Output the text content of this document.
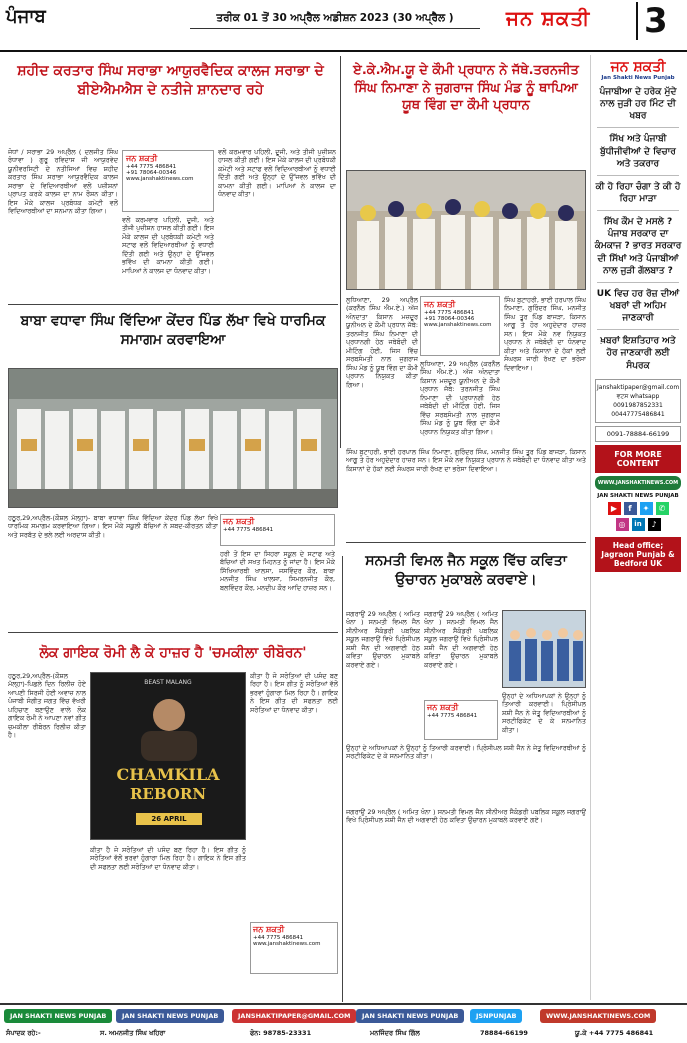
ਪੰਜਾਬ	ਤਰੀਕ 01 ਤੋਂ 30 ਅਪ੍ਰੈਲ ਅਡੀਸ਼ਨ 2023 (30 ਅਪ੍ਰੈਲ )	ਜਨ ਸ਼ਕਤੀ 3
ਸ਼ਹੀਦ ਕਰਤਾਰ ਸਿੰਘ ਸਰਾਭਾ ਆਯੁਰਵੈਦਿਕ ਕਾਲਜ ਸਰਾਭਾ ਦੇ ਬੀਏਐਮਐਸ ਦੇ ਨਤੀਜੇ ਸ਼ਾਨਦਾਰ ਰਹੇ
ਜੋਧਾਂ / ਸਰਾਭਾ 29 ਅਪ੍ਰੈਲ ( ਦਲਜੀਤ ਸਿੰਘ ਰੰਧਾਵਾ ) ਗੁਰੂ ਰਵਿਦਾਸ ਜੀ ਆਯੁਰਵੇਦ ਯੂਨੀਵਰਸਿਟੀ ਦੇ ਨਤੀਜਿਆਂ ਵਿਚ ਸ਼ਹੀਦ ਕਰਤਾਰ ਸਿੰਘ ਸਰਾਭਾ ਆਯੁਰਵੈਦਿਕ ਕਾਲਜ ਸਰਾਭਾ ਦੇ ਵਿਦਿਆਰਥੀਆਂ ਵਲੋਂ ਪਜ਼ੀਸ਼ਨਾਂ ਪ੍ਰਾਪਤ ਕਰਕੇ ਕਾਲਜ ਦਾ ਨਾਮ ਰੌਸ਼ਨ ਕੀਤਾ। ਇਸ ਮੌਕੇ ਕਾਲਜ ਪ੍ਰਬੰਧਕ ਕਮੇਟੀ ਵਲੋਂ ਵਿਦਿਆਰਥੀਆਂ ਦਾ ਸਨਮਾਨ ਕੀਤਾ ਗਿਆ।
ਜਨ ਸ਼ਕਤੀ
+44 7775 486841
+91 78064-00346
www.janshaktinews.com
ਵਲੋਂ ਕਰਮਵਾਰ ਪਹਿਲੀ, ਦੂਜੀ, ਅਤੇ ਤੀਜੀ ਪੁਜ਼ੀਸ਼ਨ ਹਾਸਲ ਕੀਤੀ ਗਈ। ਇਸ ਮੌਕੇ ਕਾਲਜ ਦੀ ਪ੍ਰਬੰਧਕੀ ਕਮੇਟੀ ਅਤੇ ਸਟਾਫ ਵਲੋਂ ਵਿਦਿਆਰਥੀਆਂ ਨੂੰ ਵਧਾਈ ਦਿੱਤੀ ਗਈ ਅਤੇ ਉਨ੍ਹਾਂ ਦੇ ਉੱਜਵਲ ਭਵਿੱਖ ਦੀ ਕਾਮਨਾ ਕੀਤੀ ਗਈ। ਮਾਪਿਆਂ ਨੇ ਕਾਲਜ ਦਾ ਧੰਨਵਾਦ ਕੀਤਾ।
ਵਲੋਂ ਕਰਮਵਾਰ ਪਹਿਲੀ, ਦੂਜੀ, ਅਤੇ ਤੀਜੀ ਪੁਜ਼ੀਸ਼ਨ ਹਾਸਲ ਕੀਤੀ ਗਈ। ਇਸ ਮੌਕੇ ਕਾਲਜ ਦੀ ਪ੍ਰਬੰਧਕੀ ਕਮੇਟੀ ਅਤੇ ਸਟਾਫ ਵਲੋਂ ਵਿਦਿਆਰਥੀਆਂ ਨੂੰ ਵਧਾਈ ਦਿੱਤੀ ਗਈ ਅਤੇ ਉਨ੍ਹਾਂ ਦੇ ਉੱਜਵਲ ਭਵਿੱਖ ਦੀ ਕਾਮਨਾ ਕੀਤੀ ਗਈ। ਮਾਪਿਆਂ ਨੇ ਕਾਲਜ ਦਾ ਧੰਨਵਾਦ ਕੀਤਾ।
ਏ.ਕੇ.ਐਮ.ਯੂ ਦੇ ਕੌਮੀ ਪ੍ਰਧਾਨ ਨੇ ਜੱਥੇ.ਤਰਨਜੀਤ ਸਿੰਘ ਨਿਮਾਣਾ ਨੇ ਜੁਗਰਾਜ ਸਿੰਘ ਮੰਡ ਨੂੰ ਥਾਪਿਆ ਯੂਥ ਵਿੰਗ ਦਾ ਕੌਮੀ ਪ੍ਰਧਾਨ
ਲੁਧਿਆਣਾ, 29 ਅਪ੍ਰੈਲ (ਕਰਨੈਲ ਸਿੰਘ ਐਮ.ਏ.) ਅੱਜ ਅੰਨਦਾਤਾ ਕਿਸਾਨ ਮਜ਼ਦੂਰ ਯੂਨੀਅਨ ਦੇ ਕੌਮੀ ਪ੍ਰਧਾਨ ਜੱਥੇ: ਤਰਨਜੀਤ ਸਿੰਘ ਨਿਮਾਣਾ ਦੀ ਪ੍ਰਧਾਨਗੀ ਹੇਠ ਜਥੇਬੰਦੀ ਦੀ ਮੀਟਿੰਗ ਹੋਈ, ਜਿਸ ਵਿੱਚ ਸਰਬਸੰਮਤੀ ਨਾਲ ਜੁਗਰਾਜ ਸਿੰਘ ਮੰਡ ਨੂੰ ਯੂਥ ਵਿੰਗ ਦਾ ਕੌਮੀ ਪ੍ਰਧਾਨ ਨਿਯੁਕਤ ਕੀਤਾ ਗਿਆ।
ਜਨ ਸ਼ਕਤੀ
+44 7775 486841
+91 78064-00346
www.janshaktinews.com
ਲੁਧਿਆਣਾ, 29 ਅਪ੍ਰੈਲ (ਕਰਨੈਲ ਸਿੰਘ ਐਮ.ਏ.) ਅੱਜ ਅੰਨਦਾਤਾ ਕਿਸਾਨ ਮਜ਼ਦੂਰ ਯੂਨੀਅਨ ਦੇ ਕੌਮੀ ਪ੍ਰਧਾਨ ਜੱਥੇ: ਤਰਨਜੀਤ ਸਿੰਘ ਨਿਮਾਣਾ ਦੀ ਪ੍ਰਧਾਨਗੀ ਹੇਠ ਜਥੇਬੰਦੀ ਦੀ ਮੀਟਿੰਗ ਹੋਈ, ਜਿਸ ਵਿੱਚ ਸਰਬਸੰਮਤੀ ਨਾਲ ਜੁਗਰਾਜ ਸਿੰਘ ਮੰਡ ਨੂੰ ਯੂਥ ਵਿੰਗ ਦਾ ਕੌਮੀ ਪ੍ਰਧਾਨ ਨਿਯੁਕਤ ਕੀਤਾ ਗਿਆ।
ਸਿੰਘ ਬੁਟਾਹਰੀ, ਭਾਈ ਹਰਪਾਲ ਸਿੰਘ ਨਿਮਾਣਾ, ਗੁਰਿੰਦਰ ਸਿੰਘ, ਮਨਜੀਤ ਸਿੰਘ ਤੂਰ ਪਿੰਡ ਬਾਜੜਾ, ਕਿਸਾਨ ਆਗੂ ਤੇ ਹੋਰ ਅਹੁਦੇਦਾਰ ਹਾਜ਼ਰ ਸਨ। ਇਸ ਮੌਕੇ ਨਵ ਨਿਯੁਕਤ ਪ੍ਰਧਾਨ ਨੇ ਜਥੇਬੰਦੀ ਦਾ ਧੰਨਵਾਦ ਕੀਤਾ ਅਤੇ ਕਿਸਾਨਾਂ ਦੇ ਹੱਕਾਂ ਲਈ ਸੰਘਰਸ਼ ਜਾਰੀ ਰੱਖਣ ਦਾ ਭਰੋਸਾ ਦਿਵਾਇਆ।
ਬਾਬਾ ਵਧਾਵਾ ਸਿੰਘ ਵਿੱਦਿਆ ਕੇਂਦਰ ਪਿੰਡ ਲੱਖਾ ਵਿਖੇ ਧਾਰਮਿਕ ਸਮਾਗਮ ਕਰਵਾਇਆ
ਹਠੂਰ,29,ਅਪ੍ਰੈਲ-(ਕੌਸ਼ਲ ਮੱਲ੍ਹਾ)- ਬਾਬਾ ਵਧਾਵਾ ਸਿੰਘ ਵਿੱਦਿਆ ਕੇਂਦਰ ਪਿੰਡ ਲੱਖਾ ਵਿਖੇ ਧਾਰਮਿਕ ਸਮਾਗਮ ਕਰਵਾਇਆ ਗਿਆ। ਇਸ ਮੌਕੇ ਸਕੂਲੀ ਬੱਚਿਆਂ ਨੇ ਸ਼ਬਦ-ਕੀਰਤਨ ਕੀਤਾ ਅਤੇ ਸਰਬੱਤ ਦੇ ਭਲੇ ਲਈ ਅਰਦਾਸ ਕੀਤੀ।
ਜਨ ਸ਼ਕਤੀ
+44 7775 486841
ਹਰੀ ਤੋਂ ਇਸ ਦਾ ਸਿਹਰਾ ਸਕੂਲ ਦੇ ਸਟਾਫ ਅਤੇ ਬੱਚਿਆਂ ਦੀ ਸਖਤ ਮਿਹਨਤ ਨੂੰ ਜਾਂਦਾ ਹੈ। ਇਸ ਮੌਕੇ ਸਿੱਖਿਆਰਥੀ ਖਾਲਸਾ, ਜਸਵਿੰਦਰ ਕੌਰ, ਬਾਬਾ ਮਨਜੀਤ ਸਿੰਘ ਖਾਲਸਾ, ਸਿਮਰਨਜੀਤ ਕੌਰ, ਬਲਵਿੰਦਰ ਕੌਰ, ਮਨਦੀਪ ਕੌਰ ਆਦਿ ਹਾਜ਼ਰ ਸਨ।
ਸਿੰਘ ਬੁਟਾਹਰੀ, ਭਾਈ ਹਰਪਾਲ ਸਿੰਘ ਨਿਮਾਣਾ, ਗੁਰਿੰਦਰ ਸਿੰਘ, ਮਨਜੀਤ ਸਿੰਘ ਤੂਰ ਪਿੰਡ ਬਾਜੜਾ, ਕਿਸਾਨ ਆਗੂ ਤੇ ਹੋਰ ਅਹੁਦੇਦਾਰ ਹਾਜ਼ਰ ਸਨ। ਇਸ ਮੌਕੇ ਨਵ ਨਿਯੁਕਤ ਪ੍ਰਧਾਨ ਨੇ ਜਥੇਬੰਦੀ ਦਾ ਧੰਨਵਾਦ ਕੀਤਾ ਅਤੇ ਕਿਸਾਨਾਂ ਦੇ ਹੱਕਾਂ ਲਈ ਸੰਘਰਸ਼ ਜਾਰੀ ਰੱਖਣ ਦਾ ਭਰੋਸਾ ਦਿਵਾਇਆ।
ਸਨਮਤੀ ਵਿਮਲ ਜੈਨ ਸਕੂਲ ਵਿੱਚ ਕਵਿਤਾ ਉਚਾਰਨ ਮੁਕਾਬਲੇ ਕਰਵਾਏ।
ਜਗਰਾਉਂ 29 ਅਪ੍ਰੈਲ ( ਅਮਿਤ ਖੰਨਾ ) ਸਨਮਤੀ ਵਿਮਲ ਜੈਨ ਸੀਨੀਅਰ ਸੈਕੰਡਰੀ ਪਬਲਿਕ ਸਕੂਲ ਜਗਰਾਉਂ ਵਿਖੇ ਪ੍ਰਿੰਸੀਪਲ ਸ਼ਸ਼ੀ ਜੈਨ ਦੀ ਅਗਵਾਈ ਹੇਠ ਕਵਿਤਾ ਉਚਾਰਨ ਮੁਕਾਬਲੇ ਕਰਵਾਏ ਗਏ।
ਜਨ ਸ਼ਕਤੀ
+44 7775 486841
ਜਗਰਾਉਂ 29 ਅਪ੍ਰੈਲ ( ਅਮਿਤ ਖੰਨਾ ) ਸਨਮਤੀ ਵਿਮਲ ਜੈਨ ਸੀਨੀਅਰ ਸੈਕੰਡਰੀ ਪਬਲਿਕ ਸਕੂਲ ਜਗਰਾਉਂ ਵਿਖੇ ਪ੍ਰਿੰਸੀਪਲ ਸ਼ਸ਼ੀ ਜੈਨ ਦੀ ਅਗਵਾਈ ਹੇਠ ਕਵਿਤਾ ਉਚਾਰਨ ਮੁਕਾਬਲੇ ਕਰਵਾਏ ਗਏ।
ਉਨ੍ਹਾਂ ਦੇ ਅਧਿਆਪਕਾਂ ਨੇ ਉਨ੍ਹਾਂ ਨੂੰ ਤਿਆਰੀ ਕਰਵਾਈ। ਪ੍ਰਿੰਸੀਪਲ ਸ਼ਸ਼ੀ ਜੈਨ ਨੇ ਜੇਤੂ ਵਿਦਿਆਰਥੀਆਂ ਨੂੰ ਸਰਟੀਫਿਕੇਟ ਦੇ ਕੇ ਸਨਮਾਨਿਤ ਕੀਤਾ।
ਉਨ੍ਹਾਂ ਦੇ ਅਧਿਆਪਕਾਂ ਨੇ ਉਨ੍ਹਾਂ ਨੂੰ ਤਿਆਰੀ ਕਰਵਾਈ। ਪ੍ਰਿੰਸੀਪਲ ਸ਼ਸ਼ੀ ਜੈਨ ਨੇ ਜੇਤੂ ਵਿਦਿਆਰਥੀਆਂ ਨੂੰ ਸਰਟੀਫਿਕੇਟ ਦੇ ਕੇ ਸਨਮਾਨਿਤ ਕੀਤਾ।
ਲੋਕ ਗਾਇਕ ਰੋਮੀ ਲੈ ਕੇ ਹਾਜ਼ਰ ਹੈ 'ਚਮਕੀਲਾ ਰੀਬੋਰਨ'
ਹਠੂਰ,29,ਅਪ੍ਰੈਲ-(ਕੌਸ਼ਲ ਮੱਲ੍ਹਾ)-ਪਿਛਲੇ ਦਿਨ ਰਿਲੀਜ਼ ਹੋਏ ਆਪਣੀ ਸਿਰਜੀ ਹੋਈ ਅਵਾਜ਼ ਨਾਲ ਪੰਜਾਬੀ ਸੰਗੀਤ ਜਗਤ ਵਿੱਚ ਵੱਖਰੀ ਪਹਿਚਾਣ ਬਣਾਉਣ ਵਾਲੇ ਲੋਕ ਗਾਇਕ ਰੋਮੀ ਨੇ ਆਪਣਾ ਨਵਾਂ ਗੀਤ ਚਮਕੀਲਾ ਰੀਬੋਰਨ ਰਿਲੀਜ਼ ਕੀਤਾ ਹੈ।
BEAST MALANG
CHAMKILA
REBORN
26 APRIL
ਕੀਤਾ ਹੈ ਜੋ ਸਰੋਤਿਆਂ ਦੀ ਪਸੰਦ ਬਣ ਰਿਹਾ ਹੈ। ਇਸ ਗੀਤ ਨੂੰ ਸਰੋਤਿਆਂ ਵੱਲੋਂ ਭਰਵਾਂ ਹੁੰਗਾਰਾ ਮਿਲ ਰਿਹਾ ਹੈ। ਗਾਇਕ ਨੇ ਇਸ ਗੀਤ ਦੀ ਸਫਲਤਾ ਲਈ ਸਰੋਤਿਆਂ ਦਾ ਧੰਨਵਾਦ ਕੀਤਾ।
ਜਨ ਸ਼ਕਤੀ
+44 7775 486841
www.janshaktinews.com
ਕੀਤਾ ਹੈ ਜੋ ਸਰੋਤਿਆਂ ਦੀ ਪਸੰਦ ਬਣ ਰਿਹਾ ਹੈ। ਇਸ ਗੀਤ ਨੂੰ ਸਰੋਤਿਆਂ ਵੱਲੋਂ ਭਰਵਾਂ ਹੁੰਗਾਰਾ ਮਿਲ ਰਿਹਾ ਹੈ। ਗਾਇਕ ਨੇ ਇਸ ਗੀਤ ਦੀ ਸਫਲਤਾ ਲਈ ਸਰੋਤਿਆਂ ਦਾ ਧੰਨਵਾਦ ਕੀਤਾ।
ਜਗਰਾਉਂ 29 ਅਪ੍ਰੈਲ ( ਅਮਿਤ ਖੰਨਾ ) ਸਨਮਤੀ ਵਿਮਲ ਜੈਨ ਸੀਨੀਅਰ ਸੈਕੰਡਰੀ ਪਬਲਿਕ ਸਕੂਲ ਜਗਰਾਉਂ ਵਿਖੇ ਪ੍ਰਿੰਸੀਪਲ ਸ਼ਸ਼ੀ ਜੈਨ ਦੀ ਅਗਵਾਈ ਹੇਠ ਕਵਿਤਾ ਉਚਾਰਨ ਮੁਕਾਬਲੇ ਕਰਵਾਏ ਗਏ।
ਜਨ ਸ਼ਕਤੀ
Jan Shakti News Punjab
ਪੰਜਾਬੀਆ ਦੇ ਹਰੇਕ ਮੁੱਦੇ ਨਾਲ ਜੁੜੀ ਹਰ ਮਿੰਟ ਦੀ ਖਬਰ
ਸਿੱਖ ਅਤੇ ਪੰਜਾਬੀ ਬੁੱਧੀਜੀਵੀਆਂ ਦੇ ਵਿਚਾਰ ਅਤੇ ਤਕਰਾਰ
ਕੀ ਹੋ ਰਿਹਾ ਚੰਗਾ ਤੇ ਕੀ ਹੋ ਰਿਹਾ ਮਾੜਾ
ਸਿੱਖ ਕੌਮ ਦੇ ਮਸਲੇ ? ਪੰਜਾਬ ਸਰਕਾਰ ਦਾ ਕੰਮਕਾਜ ? ਭਾਰਤ ਸਰਕਾਰ ਦੀ ਸਿੱਖਾਂ ਅਤੇ ਪੰਜਾਬੀਆਂ ਨਾਲ ਜੁੜੀ ਗੱਲਬਾਤ ?
UK ਵਿਚ ਹਰ ਰੋਜ਼ ਦੀਆਂ ਖਬਰਾਂ ਦੀ ਅਹਿਮ ਜਾਣਕਾਰੀ
ਖ਼ਬਰਾਂ ਇਸ਼ਤਿਹਾਰ ਅਤੇ ਹੋਰ ਜਾਣਕਾਰੀ ਲਈ ਸੰਪਰਕ
Janshaktipaper@gmail.com
ਵਟਸ whatsapp
0091987852331
00447775486841
0091-78884-66199
FOR MORE CONTENT
WWW.JANSHAKTINEWS.COM
JAN SHAKTI NEWS PUNJAB
▶	f	✦	✆
◎	in	♪
Head office;
Jagraon Punjab & Bedford UK
JAN SHAKTI NEWS PUNJAB	JAN SHAKTI NEWS PUNJAB	JANSHAKTIPAPER@GMAIL.COM	JAN SHAKTI NEWS PUNJAB	JSNPUNJAB	WWW.JANSHAKTINEWS.COM
ਸੰਪਾਦਕ ਰਹੇ:-	ਸ. ਅਮਨਜੀਤ ਸਿੰਘ ਖਹਿਰਾ	ਫੋਨ: 98785-23331	ਮਨਜਿੰਦਰ ਸਿੰਘ ਗਿੱਲ	78884-66199	ਯੂ.ਕੇ +44 7775 486841
